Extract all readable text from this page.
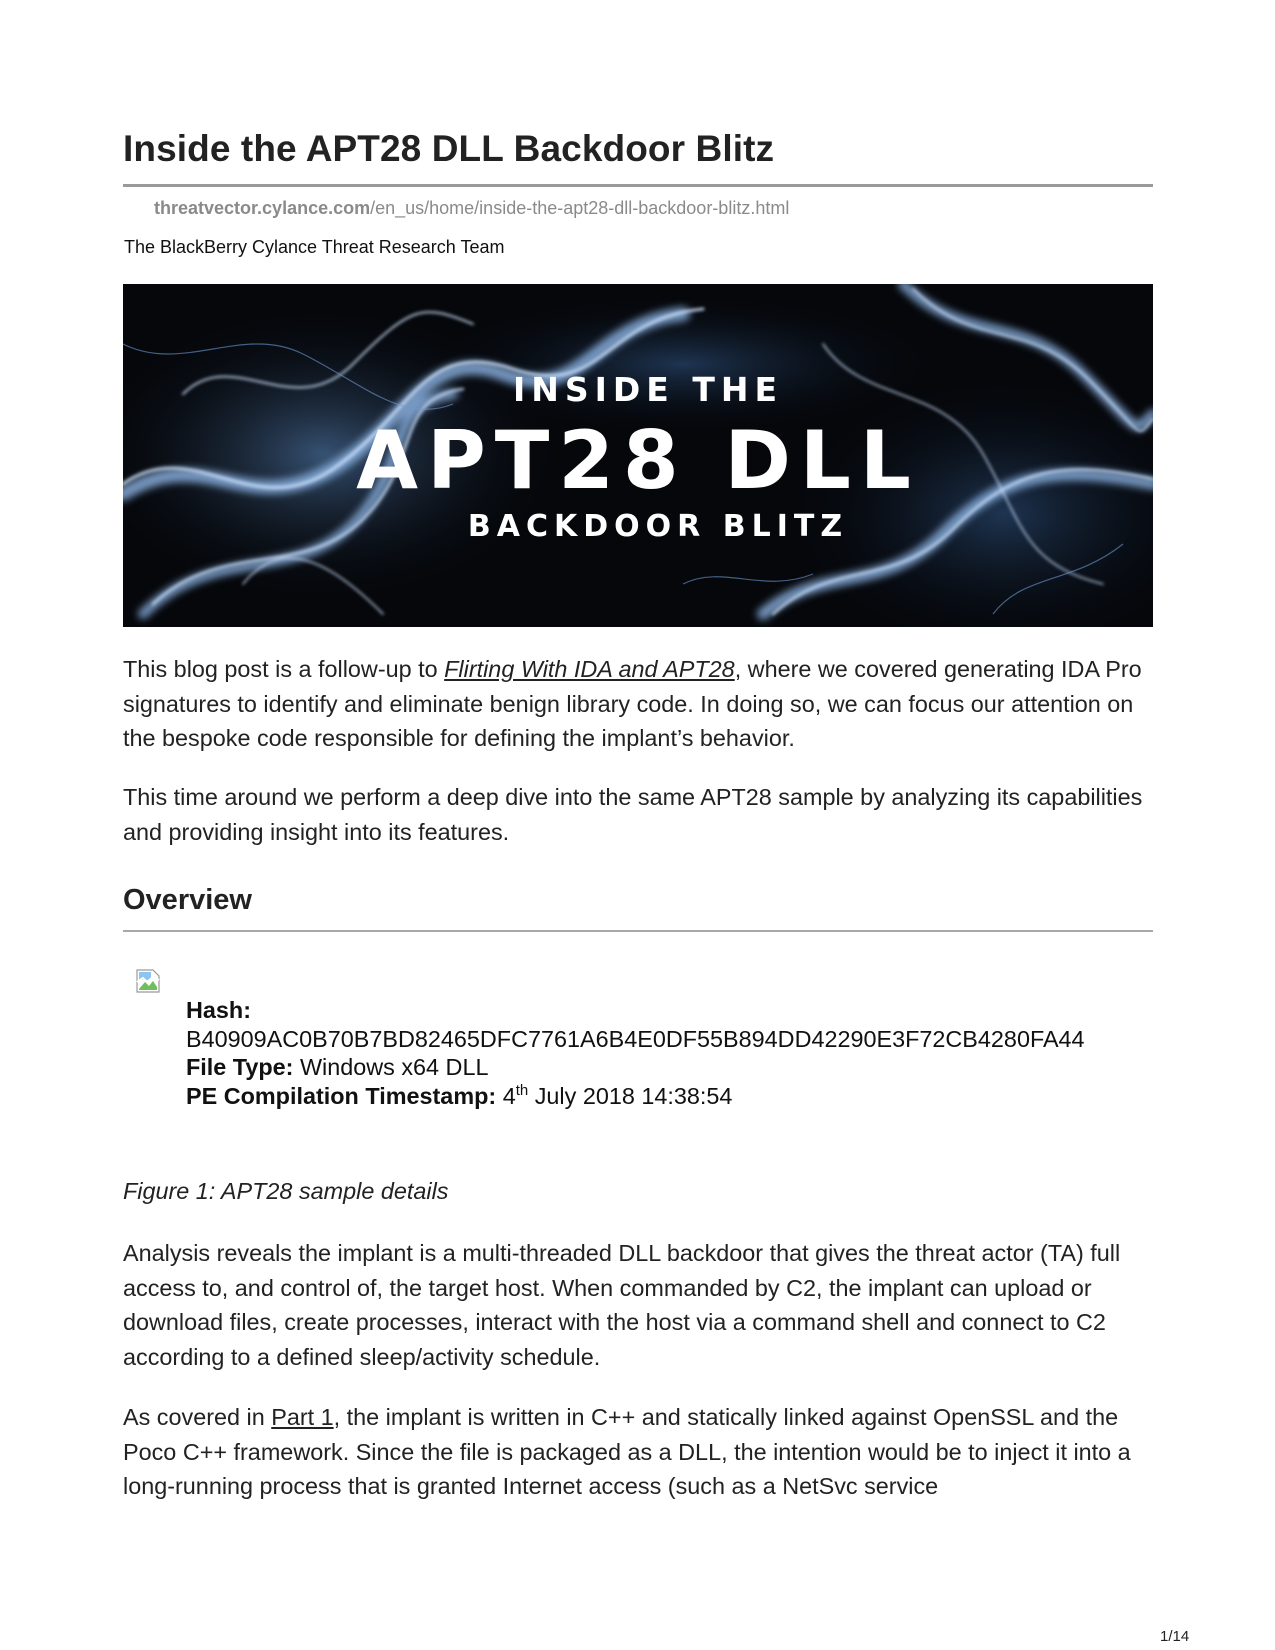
Inside the APT28 DLL Backdoor Blitz
threatvector.cylance.com/en_us/home/inside-the-apt28-dll-backdoor-blitz.html
The BlackBerry Cylance Threat Research Team
INSIDE THE
APT28 DLL
BACKDOOR BLITZ

This blog post is a follow-up to Flirting With IDA and APT28, where we covered generating IDA Pro signatures to identify and eliminate benign library code. In doing so, we can focus our attention on the bespoke code responsible for defining the implant’s behavior.

This time around we perform a deep dive into the same APT28 sample by analyzing its capabilities and providing insight into its features.

Overview
Hash:
B40909AC0B70B7BD82465DFC7761A6B4E0DF55B894DD42290E3F72CB4280FA44
File Type: Windows x64 DLL
PE Compilation Timestamp: 4th July 2018 14:38:54
Figure 1: APT28 sample details

Analysis reveals the implant is a multi-threaded DLL backdoor that gives the threat actor (TA) full access to, and control of, the target host. When commanded by C2, the implant can upload or download files, create processes, interact with the host via a command shell and connect to C2 according to a defined sleep/activity schedule.

As covered in Part 1, the implant is written in C++ and statically linked against OpenSSL and the Poco C++ framework. Since the file is packaged as a DLL, the intention would be to inject it into a long-running process that is granted Internet access (such as a NetSvc service

1/14
